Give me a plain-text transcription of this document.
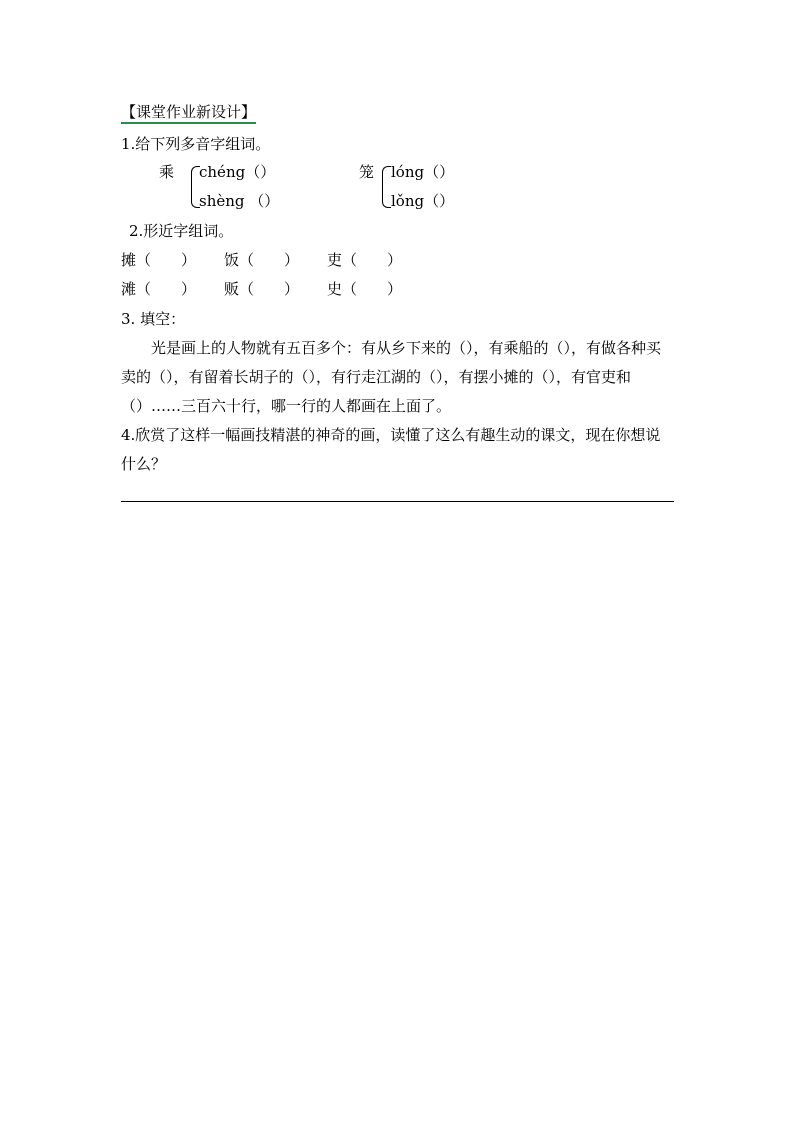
【课堂作业新设计】
1.给下列多音字组词。
乘 chéng（）
shèng （）
笼 lóng（）
lǒng（）
2.形近字组词。
摊（　　） 饭（　　） 吏（　　）
滩（　　） 贩（　　） 史（　　）
3. 填空：
光是画上的人物就有五百多个：有从乡下来的（），有乘船的（），有做各种买卖的（），有留着长胡子的（），有行走江湖的（），有摆小摊的（），有官吏和（）……三百六十行，哪一行的人都画在上面了。
4.欣赏了这样一幅画技精湛的神奇的画，读懂了这么有趣生动的课文，现在你想说什么？
